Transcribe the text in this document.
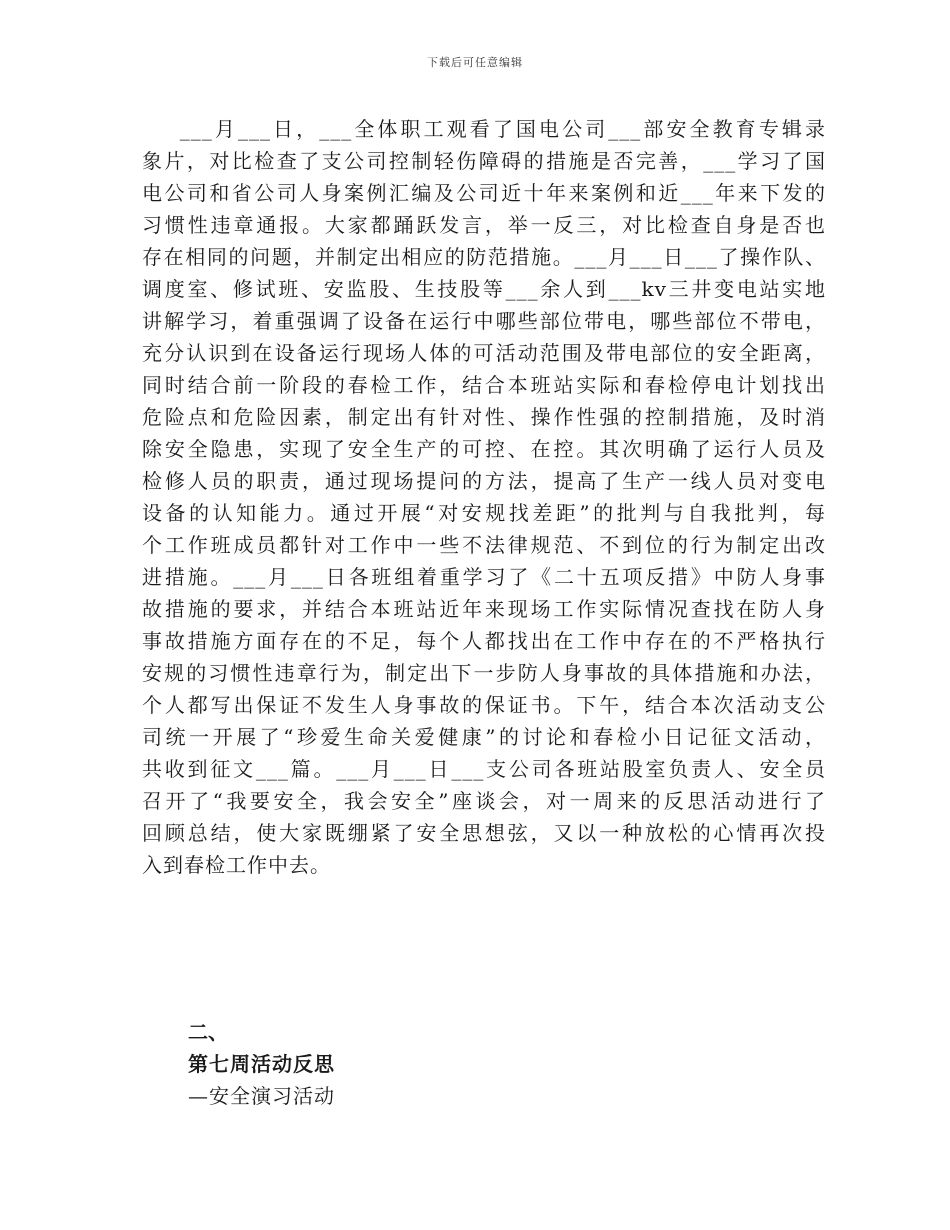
下载后可任意编辑
___月___日，___全体职工观看了国电公司___部安全教育专辑录
象片，对比检查了支公司控制轻伤障碍的措施是否完善，___学习了国
电公司和省公司人身案例汇编及公司近十年来案例和近___年来下发的
习惯性违章通报。大家都踊跃发言，举一反三，对比检查自身是否也
存在相同的问题，并制定出相应的防范措施。___月___日___了操作队、
调度室、修试班、安监股、生技股等___余人到___kv三井变电站实地
讲解学习，着重强调了设备在运行中哪些部位带电，哪些部位不带电，
充分认识到在设备运行现场人体的可活动范围及带电部位的安全距离，
同时结合前一阶段的春检工作，结合本班站实际和春检停电计划找出
危险点和危险因素，制定出有针对性、操作性强的控制措施，及时消
除安全隐患，实现了安全生产的可控、在控。其次明确了运行人员及
检修人员的职责，通过现场提问的方法，提高了生产一线人员对变电
设备的认知能力。通过开展“对安规找差距”的批判与自我批判，每
个工作班成员都针对工作中一些不法律规范、不到位的行为制定出改
进措施。___月___日各班组着重学习了《二十五项反措》中防人身事
故措施的要求，并结合本班站近年来现场工作实际情况查找在防人身
事故措施方面存在的不足，每个人都找出在工作中存在的不严格执行
安规的习惯性违章行为，制定出下一步防人身事故的具体措施和办法，
个人都写出保证不发生人身事故的保证书。下午，结合本次活动支公
司统一开展了“珍爱生命关爱健康”的讨论和春检小日记征文活动，
共收到征文___篇。___月___日___支公司各班站股室负责人、安全员
召开了“我要安全，我会安全”座谈会，对一周来的反思活动进行了
回顾总结，使大家既绷紧了安全思想弦，又以一种放松的心情再次投
入到春检工作中去。
二、
第七周活动反思
—安全演习活动
